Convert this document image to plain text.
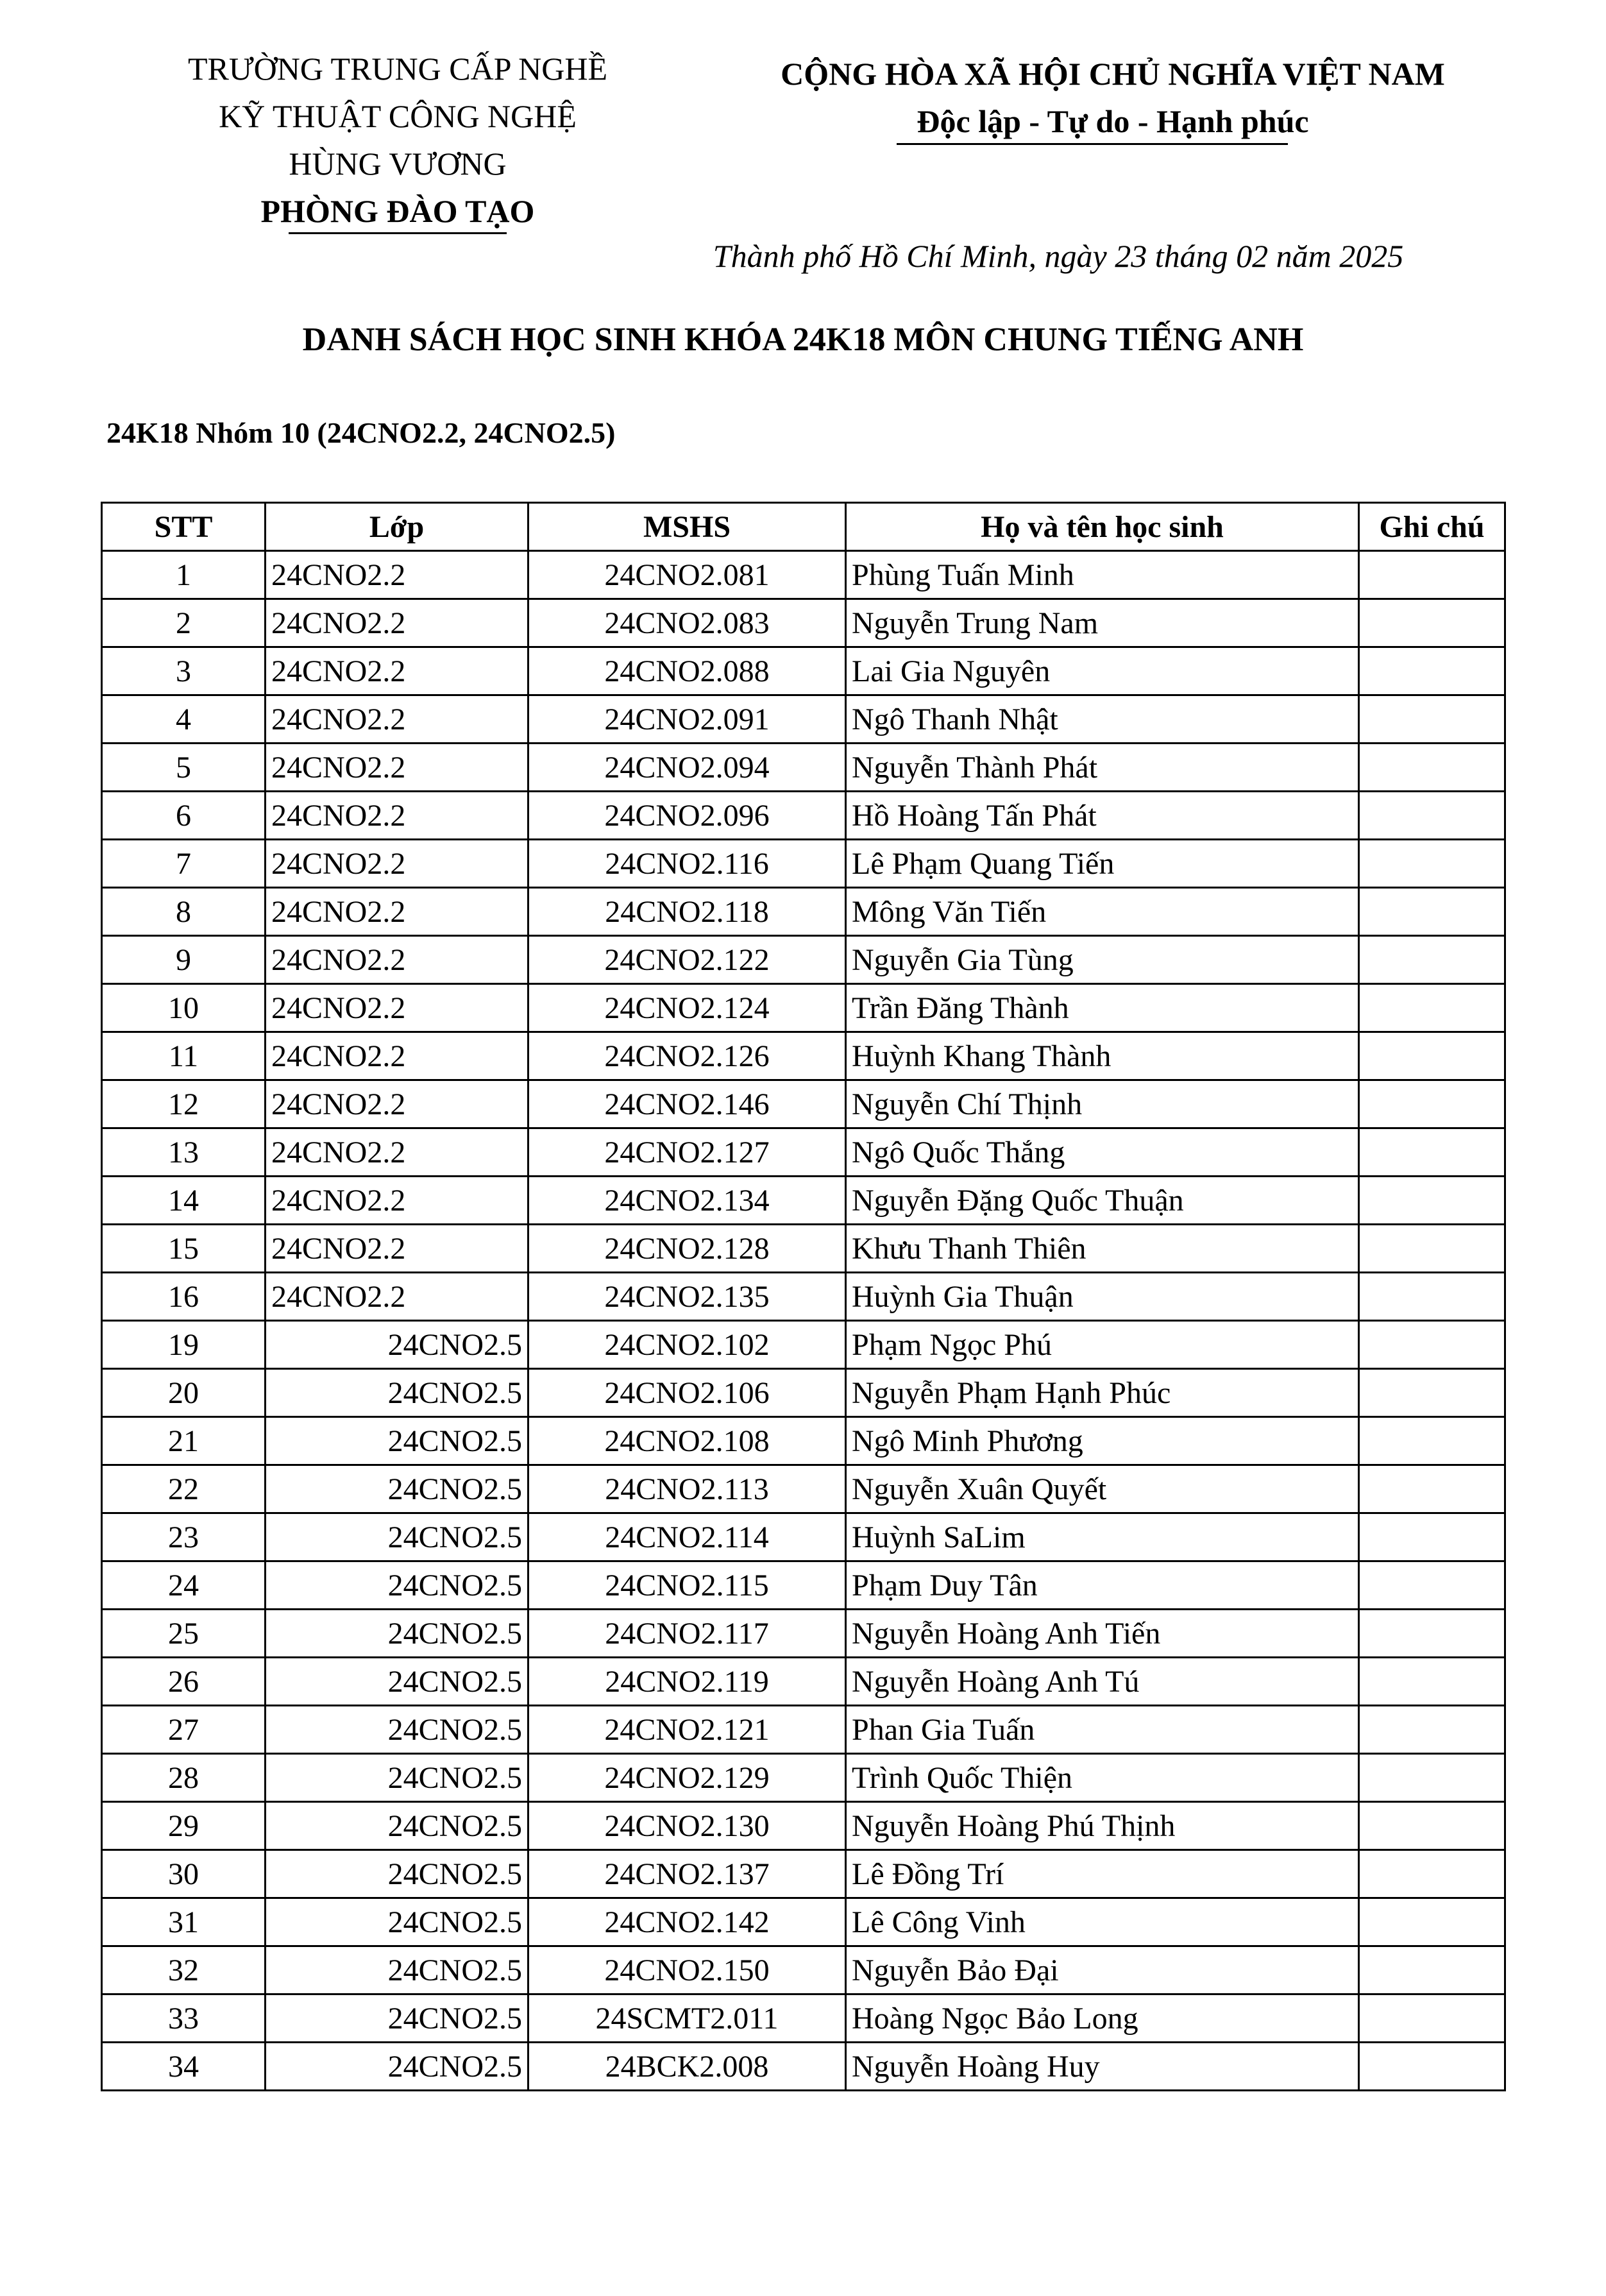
TRƯỜNG TRUNG CẤP NGHỀ
KỸ THUẬT CÔNG NGHỆ
HÙNG VƯƠNG
PHÒNG ĐÀO TẠO
CỘNG HÒA XÃ HỘI CHỦ NGHĨA VIỆT NAM
Độc lập - Tự do - Hạnh phúc
Thành phố Hồ Chí Minh, ngày 23 tháng 02 năm 2025
DANH SÁCH HỌC SINH KHÓA 24K18 MÔN CHUNG TIẾNG ANH
24K18 Nhóm 10 (24CNO2.2, 24CNO2.5)
STT	Lớp	MSHS	Họ và tên học sinh	Ghi chú
1	24CNO2.2	24CNO2.081	Phùng Tuấn Minh	
2	24CNO2.2	24CNO2.083	Nguyễn Trung Nam	
3	24CNO2.2	24CNO2.088	Lai Gia Nguyên	
4	24CNO2.2	24CNO2.091	Ngô Thanh Nhật	
5	24CNO2.2	24CNO2.094	Nguyễn Thành Phát	
6	24CNO2.2	24CNO2.096	Hồ Hoàng Tấn Phát	
7	24CNO2.2	24CNO2.116	Lê Phạm Quang Tiến	
8	24CNO2.2	24CNO2.118	Mông Văn Tiến	
9	24CNO2.2	24CNO2.122	Nguyễn Gia Tùng	
10	24CNO2.2	24CNO2.124	Trần Đăng Thành	
11	24CNO2.2	24CNO2.126	Huỳnh Khang Thành	
12	24CNO2.2	24CNO2.146	Nguyễn Chí Thịnh	
13	24CNO2.2	24CNO2.127	Ngô Quốc Thắng	
14	24CNO2.2	24CNO2.134	Nguyễn Đặng Quốc Thuận	
15	24CNO2.2	24CNO2.128	Khưu Thanh Thiên	
16	24CNO2.2	24CNO2.135	Huỳnh Gia Thuận	
19	24CNO2.5	24CNO2.102	Phạm Ngọc Phú	
20	24CNO2.5	24CNO2.106	Nguyễn Phạm Hạnh Phúc	
21	24CNO2.5	24CNO2.108	Ngô Minh Phương	
22	24CNO2.5	24CNO2.113	Nguyễn Xuân Quyết	
23	24CNO2.5	24CNO2.114	Huỳnh SaLim	
24	24CNO2.5	24CNO2.115	Phạm Duy Tân	
25	24CNO2.5	24CNO2.117	Nguyễn Hoàng Anh Tiến	
26	24CNO2.5	24CNO2.119	Nguyễn Hoàng Anh Tú	
27	24CNO2.5	24CNO2.121	Phan Gia Tuấn	
28	24CNO2.5	24CNO2.129	Trình Quốc Thiện	
29	24CNO2.5	24CNO2.130	Nguyễn Hoàng Phú Thịnh	
30	24CNO2.5	24CNO2.137	Lê Đồng Trí	
31	24CNO2.5	24CNO2.142	Lê Công Vinh	
32	24CNO2.5	24CNO2.150	Nguyễn Bảo Đại	
33	24CNO2.5	24SCMT2.011	Hoàng Ngọc Bảo Long	
34	24CNO2.5	24BCK2.008	Nguyễn Hoàng Huy	
